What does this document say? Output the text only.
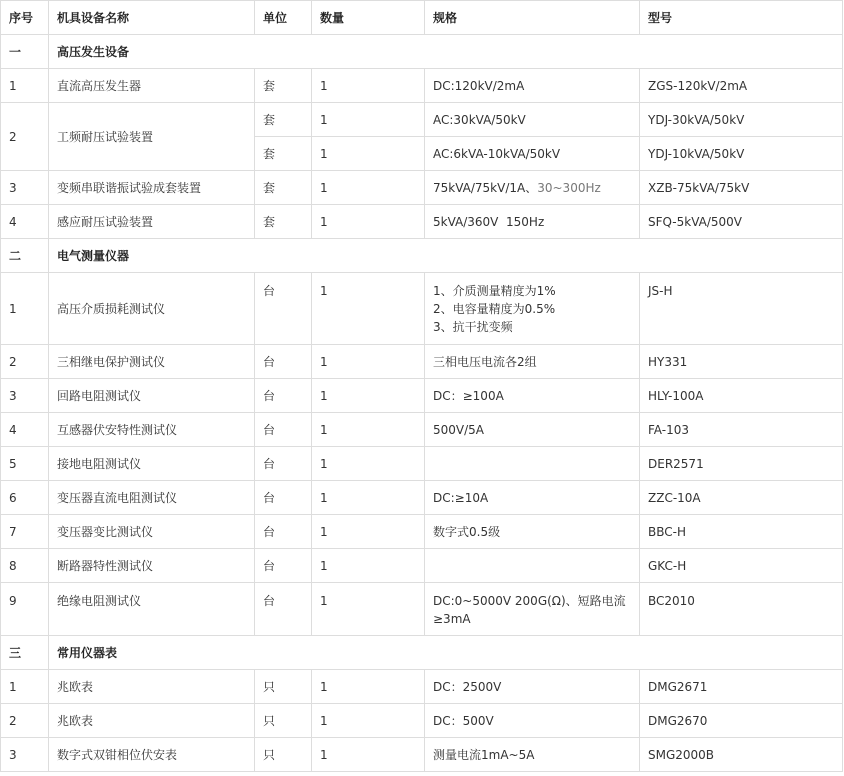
序号	机具设备名称	单位	数量	规格	型号
一	高压发生设备				
1	直流高压发生器	套	1	DC:120kV/2mA	ZGS-120kV/2mA
2	工频耐压试验装置	套	1	AC:30kVA/50kV	YDJ-30kVA/50kV
		套	1	AC:6kVA-10kVA/50kV	YDJ-10kVA/50kV
3	变频串联谐振试验成套装置	套	1	75kVA/75kV/1A、30~300Hz	XZB-75kVA/75kV
4	感应耐压试验装置	套	1	5kVA/360V  150Hz	SFQ-5kVA/500V
二	电气测量仪器				
1	高压介质损耗测试仪	台	1	1、介质测量精度为1%
2、电容量精度为0.5%
3、抗干扰变频	JS-H
2	三相继电保护测试仪	台	1	三相电压电流各2组	HY331
3	回路电阻测试仪	台	1	DC：≥100A	HLY-100A
4	互感器伏安特性测试仪	台	1	500V/5A	FA-103
5	接地电阻测试仪	台	1		DER2571
6	变压器直流电阻测试仪	台	1	DC:≥10A	ZZC-10A
7	变压器变比测试仪	台	1	数字式0.5级	BBC-H
8	断路器特性测试仪	台	1		GKC-H
9	绝缘电阻测试仪	台	1	DC:0~5000V 200G(Ω)、短路电流≥3mA	BC2010
三	常用仪器表				
1	兆欧表	只	1	DC：2500V	DMG2671
2	兆欧表	只	1	DC：500V	DMG2670
3	数字式双钳相位伏安表	只	1	测量电流1mA~5A	SMG2000B
